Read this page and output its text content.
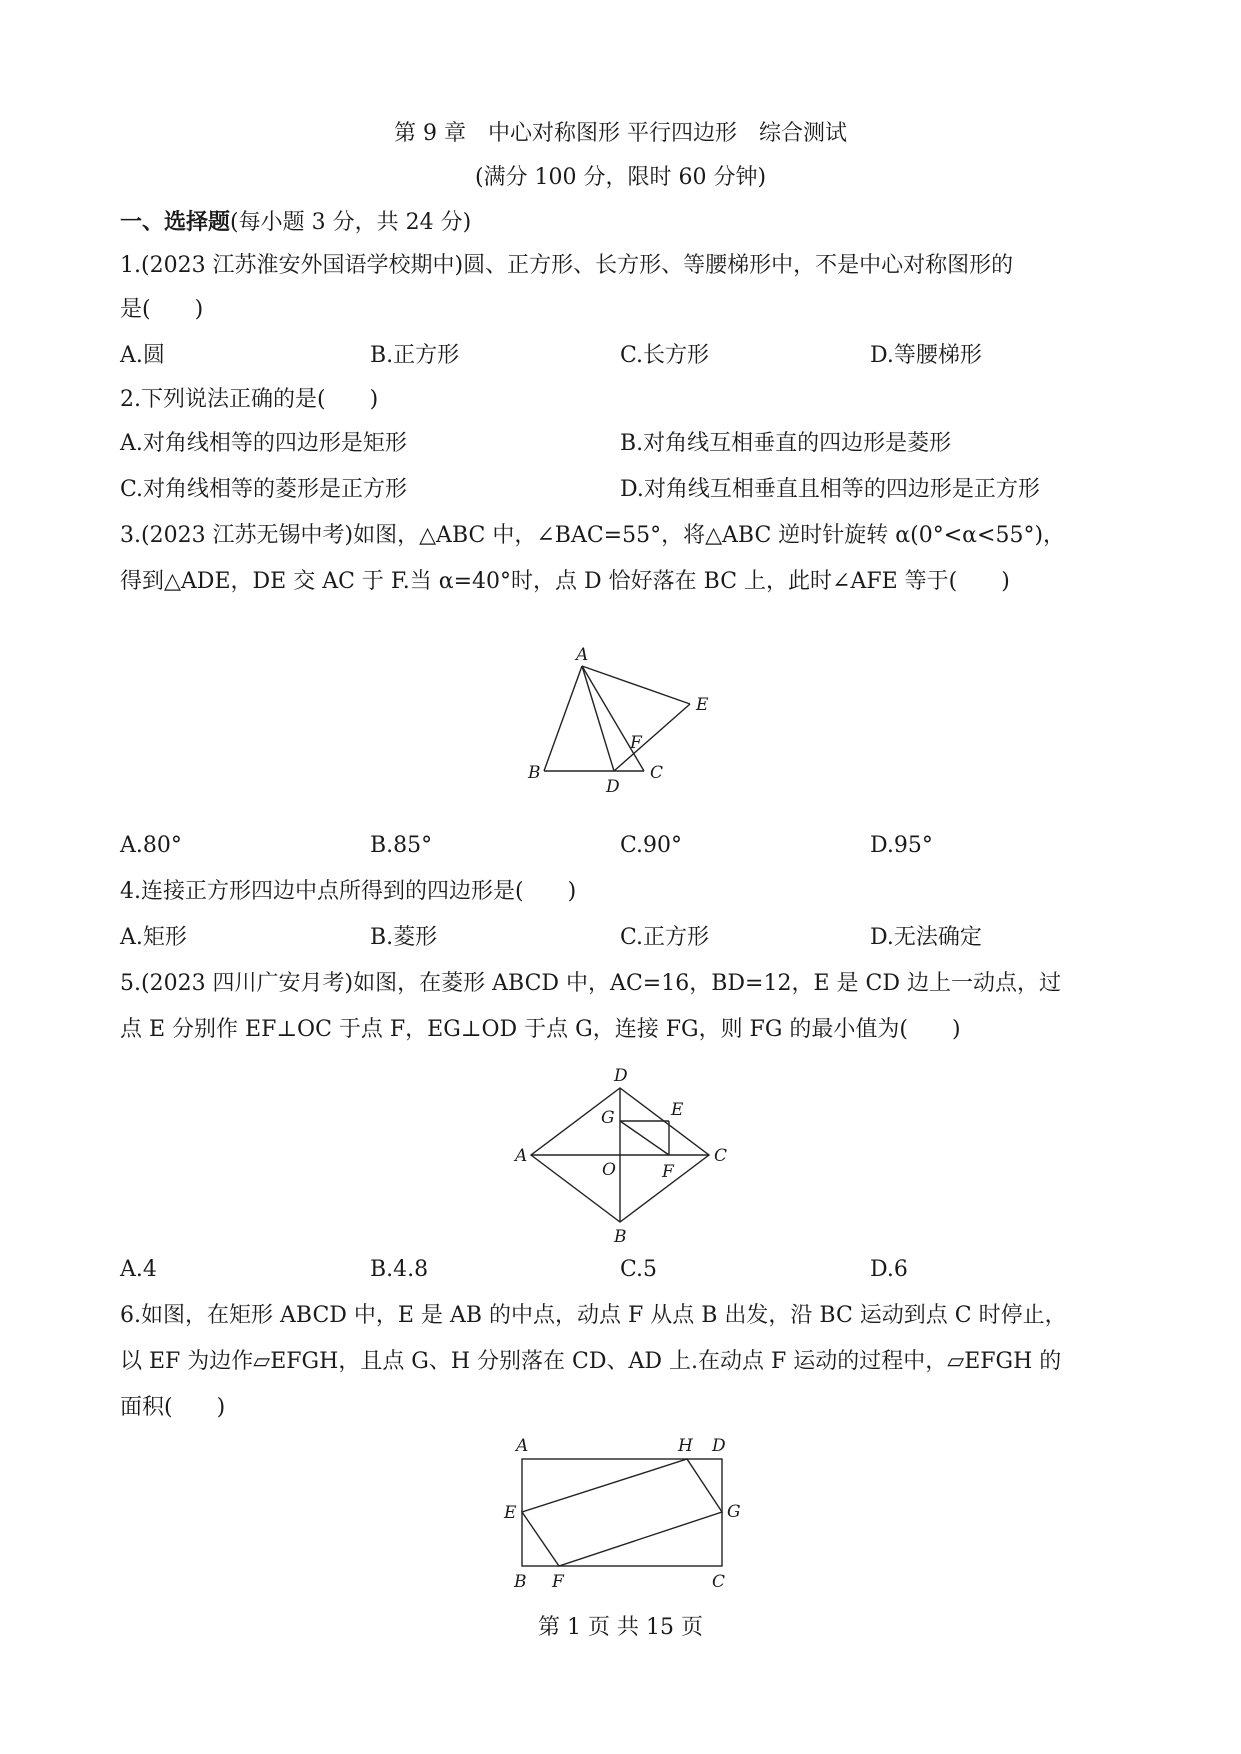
第 9 章　中心对称图形 平行四边形　综合测试
(满分 100 分，限时 60 分钟)
一、选择题(每小题 3 分，共 24 分)
1.(2023 江苏淮安外国语学校期中)圆、正方形、长方形、等腰梯形中，不是中心对称图形的
是(　　)
A.圆	B.正方形	C.长方形	D.等腰梯形
2.下列说法正确的是(　　)
A.对角线相等的四边形是矩形	B.对角线互相垂直的四边形是菱形
C.对角线相等的菱形是正方形	D.对角线互相垂直且相等的四边形是正方形
3.(2023 江苏无锡中考)如图，△ABC 中，∠BAC=55°，将△ABC 逆时针旋转 α(0°<α<55°)，
得到△ADE，DE 交 AC 于 F.当 α=40°时，点 D 恰好落在 BC 上，此时∠AFE 等于(　　)
A
E
F
B
D
C
A.80°	B.85°	C.90°	D.95°
4.连接正方形四边中点所得到的四边形是(　　)
A.矩形	B.菱形	C.正方形	D.无法确定
5.(2023 四川广安月考)如图，在菱形 ABCD 中，AC=16，BD=12，E 是 CD 边上一动点，过
点 E 分别作 EF⊥OC 于点 F，EG⊥OD 于点 G，连接 FG，则 FG 的最小值为(　　)
D
G	E
A
O	F
C
B
A.4	B.4.8	C.5	D.6
6.如图，在矩形 ABCD 中，E 是 AB 的中点，动点 F 从点 B 出发，沿 BC 运动到点 C 时停止，
以 EF 为边作▱EFGH，且点 G、H 分别落在 CD、AD 上.在动点 F 运动的过程中，▱EFGH 的
面积(　　)
A	H D
E	G
B F	C
第 1 页 共 15 页
